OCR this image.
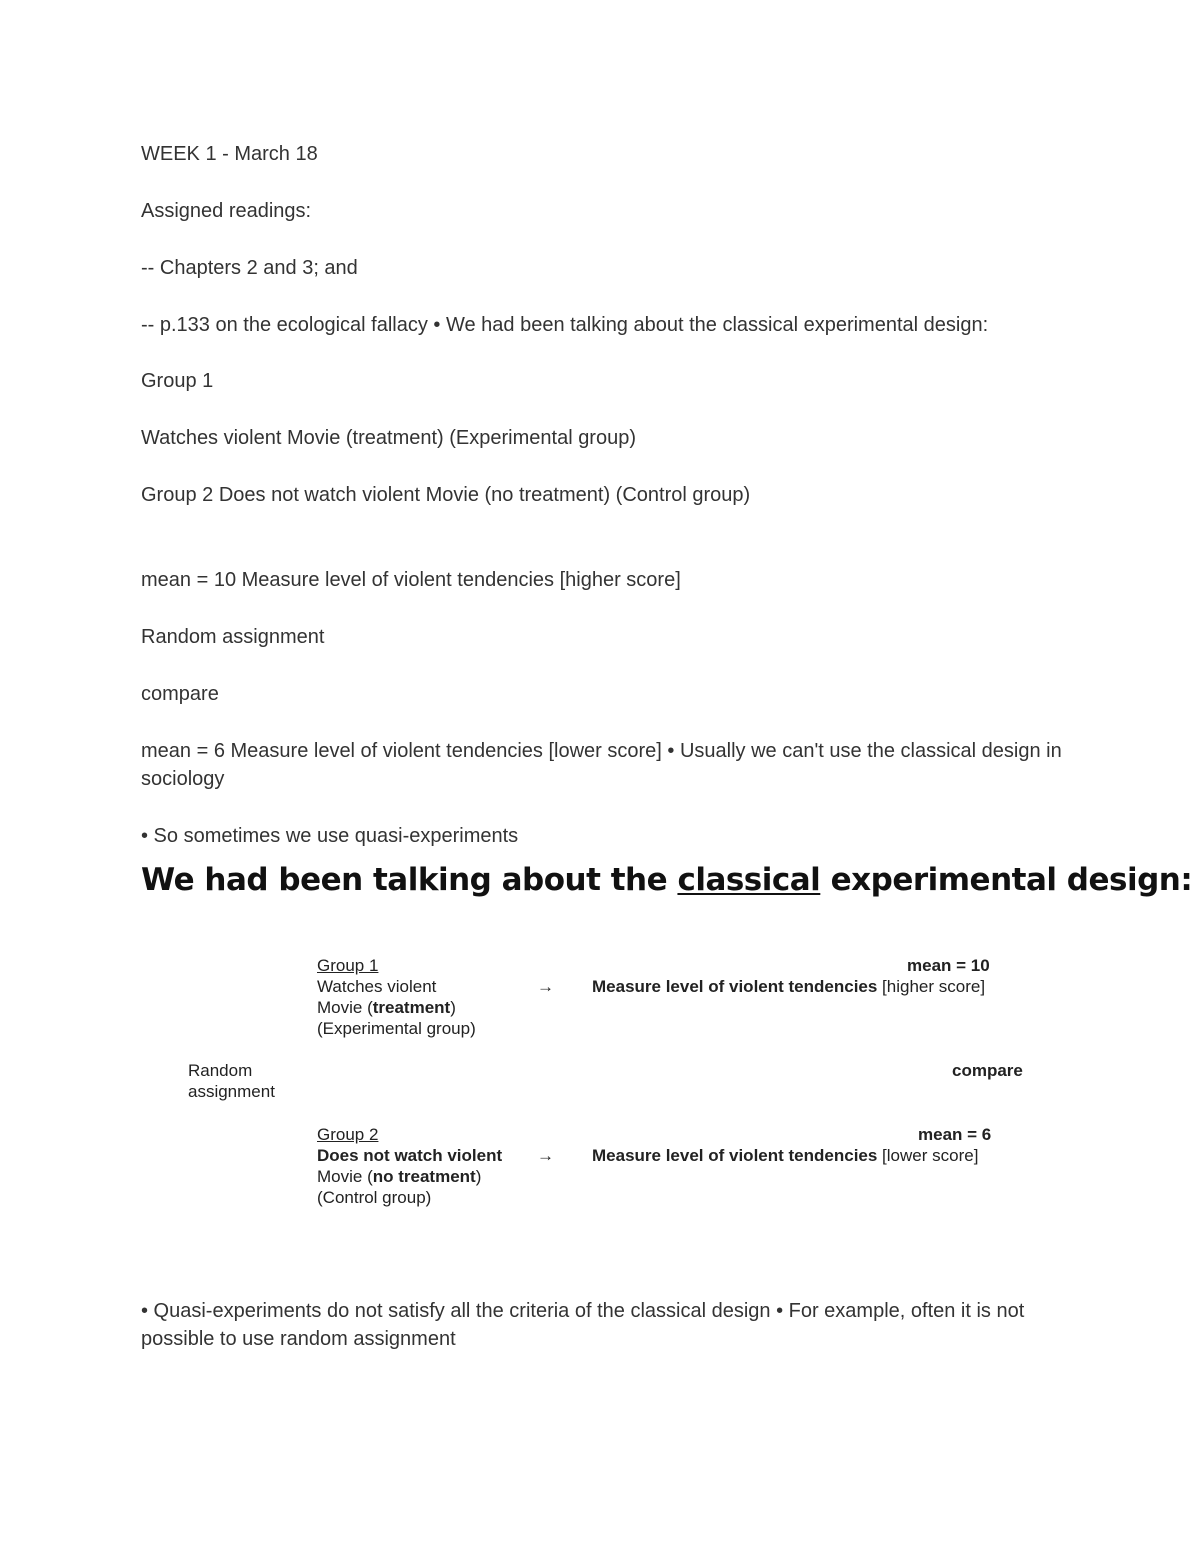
WEEK 1 - March 18
Assigned readings:
-- Chapters 2 and 3; and
-- p.133 on the ecological fallacy • We had been talking about the classical experimental design:
Group 1
Watches violent Movie (treatment) (Experimental group)
Group 2 Does not watch violent Movie (no treatment) (Control group)
mean = 10 Measure level of violent tendencies [higher score]
Random assignment
compare
mean = 6 Measure level of violent tendencies [lower score] • Usually we can't use the classical design in sociology
• So sometimes we use quasi-experiments
We had been talking about the classical experimental design:
Group 1
Watches violent
Movie (treatment)
(Experimental group)
mean = 10
→ Measure level of violent tendencies [higher score]
Random
assignment
compare
Group 2
Does not watch violent
Movie (no treatment)
(Control group)
mean = 6
→ Measure level of violent tendencies [lower score]
• Quasi-experiments do not satisfy all the criteria of the classical design • For example, often it is not possible to use random assignment
